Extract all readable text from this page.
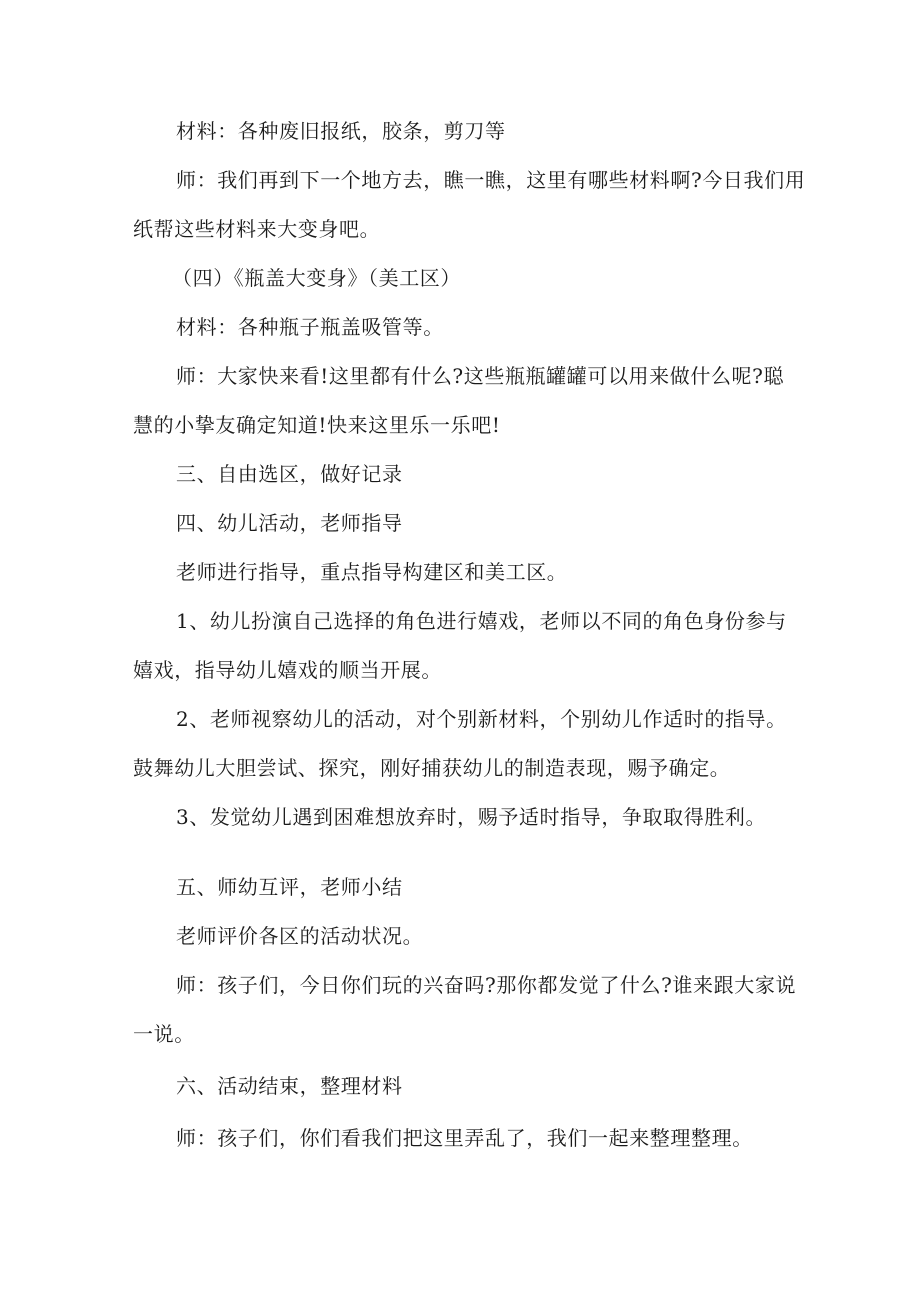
材料：各种废旧报纸，胶条，剪刀等
师：我们再到下一个地方去，瞧一瞧，这里有哪些材料啊?今日我们用
纸帮这些材料来大变身吧。
（四）《瓶盖大变身》（美工区）
材料：各种瓶子瓶盖吸管等。
师：大家快来看!这里都有什么?这些瓶瓶罐罐可以用来做什么呢?聪
慧的小挚友确定知道!快来这里乐一乐吧!
三、自由选区，做好记录
四、幼儿活动，老师指导
老师进行指导，重点指导构建区和美工区。
1、幼儿扮演自己选择的角色进行嬉戏，老师以不同的角色身份参与
嬉戏，指导幼儿嬉戏的顺当开展。
2、老师视察幼儿的活动，对个别新材料，个别幼儿作适时的指导。
鼓舞幼儿大胆尝试、探究，刚好捕获幼儿的制造表现，赐予确定。
3、发觉幼儿遇到困难想放弃时，赐予适时指导，争取取得胜利。
五、师幼互评，老师小结
老师评价各区的活动状况。
师：孩子们，今日你们玩的兴奋吗?那你都发觉了什么?谁来跟大家说
一说。
六、活动结束，整理材料
师：孩子们，你们看我们把这里弄乱了，我们一起来整理整理。
